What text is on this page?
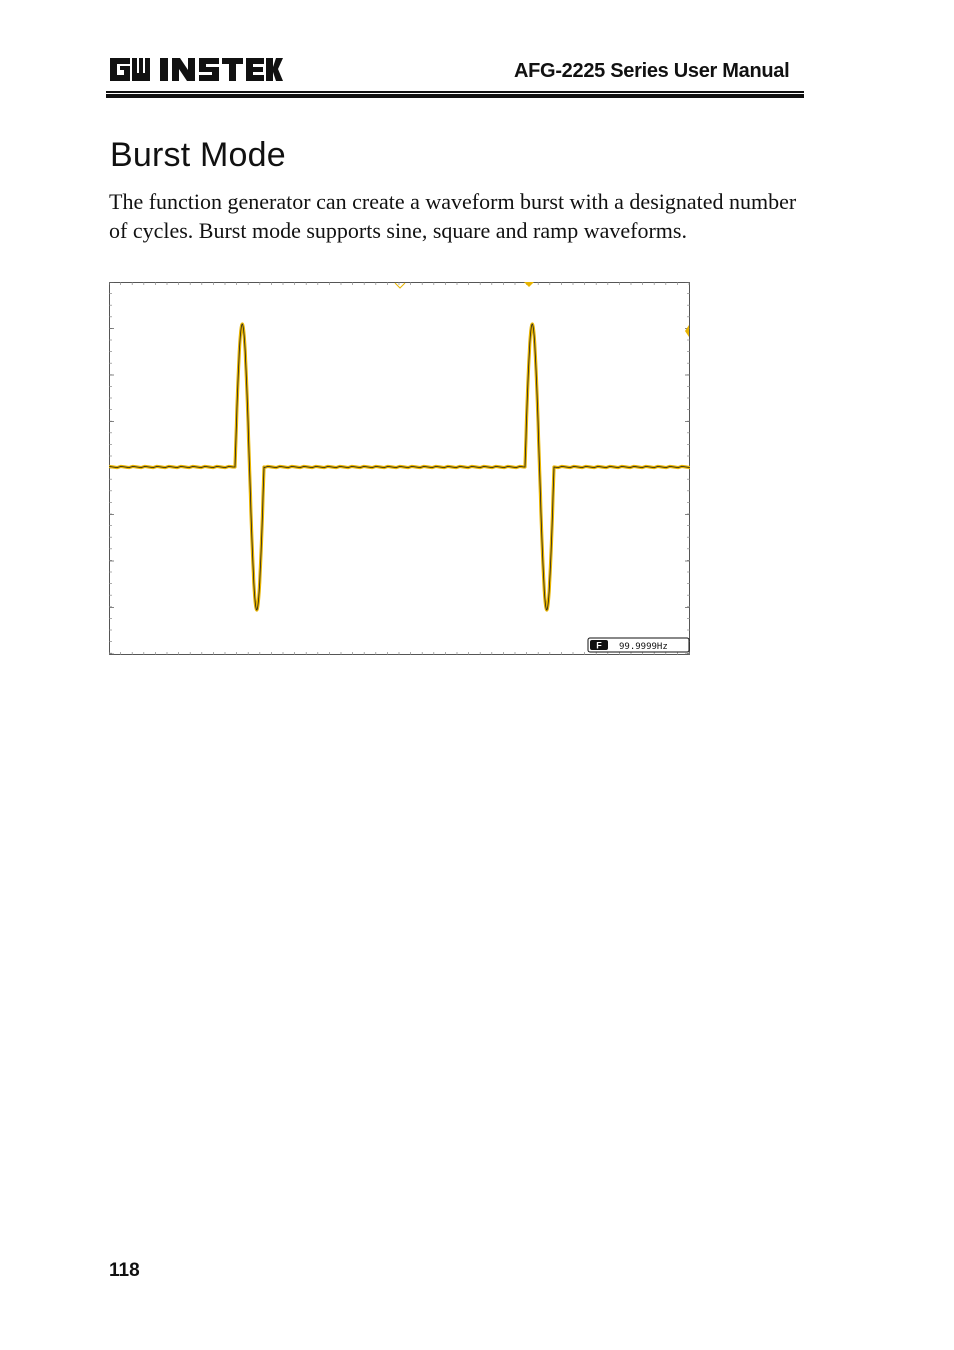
AFG-2225 Series User Manual
Burst Mode

The function generator can create a waveform burst with a designated number of cycles. Burst mode supports sine, square and ramp waveforms.

F 99.9999Hz
118
